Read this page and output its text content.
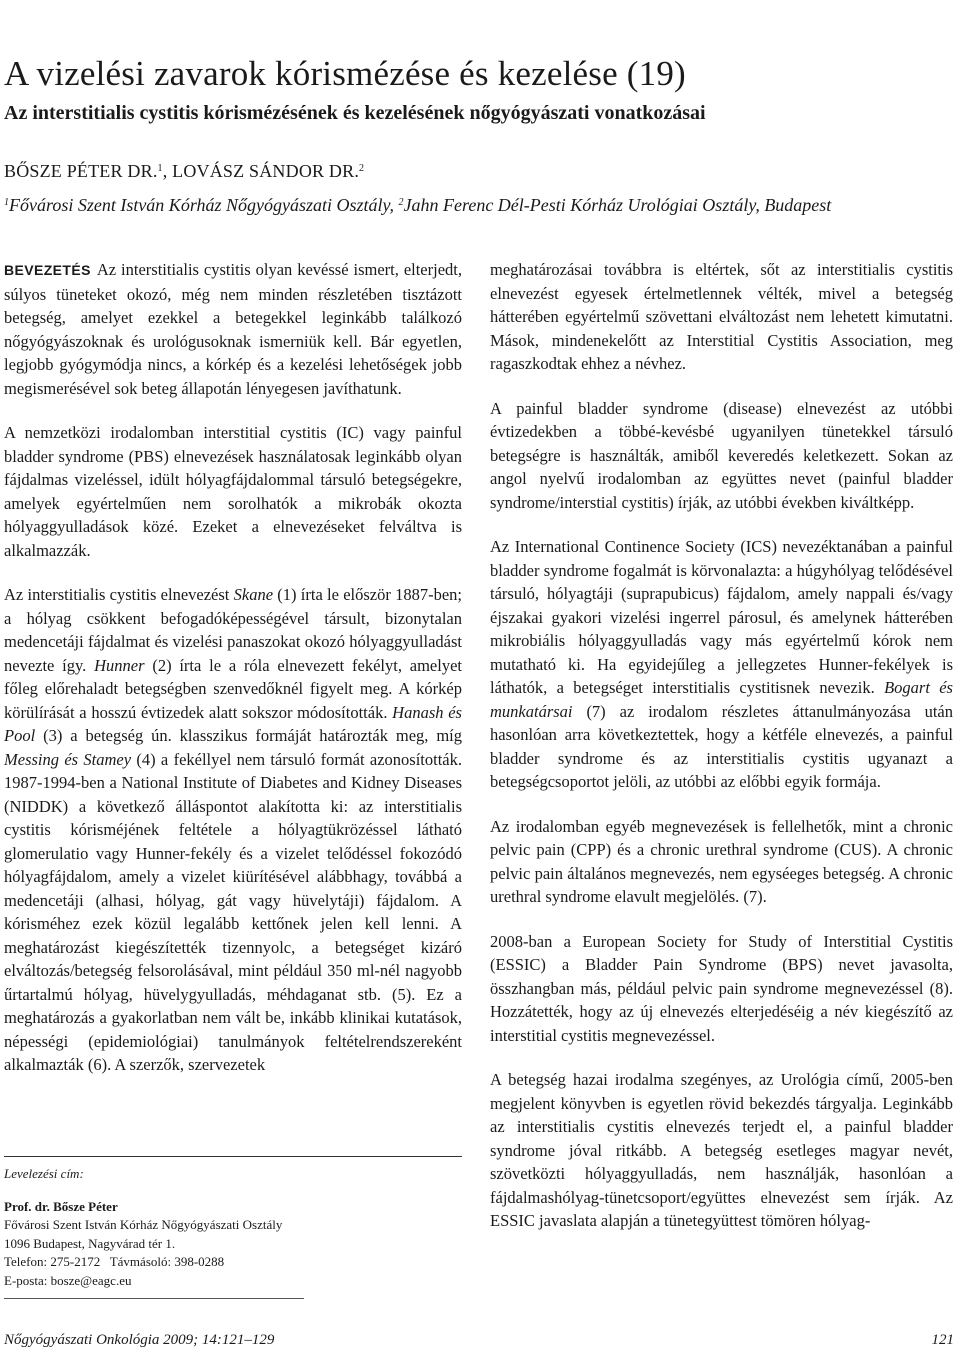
A vizelési zavarok kórismézése és kezelése (19)
Az interstitialis cystitis kórismézésének és kezelésének nőgyógyászati vonatkozásai
BŐSZE PÉTER DR.$^1$, LOVÁSZ SÁNDOR DR.$^2$
$^1$Fővárosi Szent István Kórház Nőgyógyászati Osztály, $^2$Jahn Ferenc Dél-Pesti Kórház Urológiai Osztály, Budapest

BEVEZETÉS Az interstitialis cystitis olyan kevéssé ismert, elterjedt, súlyos tüneteket okozó, még nem minden részletében tisztázott betegség, amelyet ezekkel a betegekkel leginkább találkozó nőgyógyászoknak és urológusoknak ismerniük kell. Bár egyetlen, legjobb gyógymódja nincs, a kórkép és a kezelési lehetőségek jobb megismerésével sok beteg állapotán lényegesen javíthatunk.

A nemzetközi irodalomban interstitial cystitis (IC) vagy painful bladder syndrome (PBS) elnevezések használatosak leginkább olyan fájdalmas vizeléssel, idült hólyagfájdalommal társuló betegségekre, amelyek egyértelműen nem sorolhatók a mikrobák okozta hólyaggyulladások közé. Ezeket a elnevezéseket felváltva is alkalmazzák.

Az interstitialis cystitis elnevezést Skane (1) írta le először 1887-ben; a hólyag csökkent befogadóképességével társult, bizonytalan medencetáji fájdalmat és vizelési panaszokat okozó hólyaggyulladást nevezte így. Hunner (2) írta le a róla elnevezett fekélyt, amelyet főleg előrehaladt betegségben szenvedőknél figyelt meg. A kórkép körülírását a hosszú évtizedek alatt sokszor módosították. Hanash és Pool (3) a betegség ún. klasszikus formáját határozták meg, míg Messing és Stamey (4) a fekéllyel nem társuló formát azonosították. 1987-1994-ben a National Institute of Diabetes and Kidney Diseases (NIDDK) a következő álláspontot alakította ki: az interstitialis cystitis kórisméjének feltétele a hólyagtükrözéssel látható glomerulatio vagy Hunner-fekély és a vizelet telődéssel fokozódó hólyagfájdalom, amely a vizelet kiürítésével alábbhagy, továbbá a medencetáji (alhasi, hólyag, gát vagy hüvelytáji) fájdalom. A kórisméhez ezek közül legalább kettőnek jelen kell lenni. A meghatározást kiegészítették tizennyolc, a betegséget kizáró elváltozás/betegség felsorolásával, mint például 350 ml-nél nagyobb űrtartalmú hólyag, hüvelygyulladás, méhdaganat stb. (5). Ez a meghatározás a gyakorlatban nem vált be, inkább klinikai kutatások, népességi (epidemiológiai) tanulmányok feltételrendszereként alkalmazták (6). A szerzők, szervezetek

meghatározásai továbbra is eltértek, sőt az interstitialis cystitis elnevezést egyesek értelmetlennek vélték, mivel a betegség hátterében egyértelmű szövettani elváltozást nem lehetett kimutatni. Mások, mindenekelőtt az Interstitial Cystitis Association, meg ragaszkodtak ehhez a névhez.

A painful bladder syndrome (disease) elnevezést az utóbbi évtizedekben a többé-kevésbé ugyanilyen tünetekkel társuló betegségre is használták, amiből keveredés keletkezett. Sokan az angol nyelvű irodalomban az együttes nevet (painful bladder syndrome/interstial cystitis) írják, az utóbbi években kiváltképp.

Az International Continence Society (ICS) nevezéktanában a painful bladder syndrome fogalmát is körvonalazta: a húgyhólyag telődésével társuló, hólyagtáji (suprapubicus) fájdalom, amely nappali és/vagy éjszakai gyakori vizelési ingerrel párosul, és amelynek hátterében mikrobiális hólyaggyulladás vagy más egyértelmű kórok nem mutatható ki. Ha egyidejűleg a jellegzetes Hunner-fekélyek is láthatók, a betegséget interstitialis cystitisnek nevezik. Bogart és munkatársai (7) az irodalom részletes áttanulmányozása után hasonlóan arra következtettek, hogy a kétféle elnevezés, a painful bladder syndrome és az interstitialis cystitis ugyanazt a betegségcsoportot jelöli, az utóbbi az előbbi egyik formája.

Az irodalomban egyéb megnevezések is fellelhetők, mint a chronic pelvic pain (CPP) és a chronic urethral syndrome (CUS). A chronic pelvic pain általános megnevezés, nem egyséeges betegség. A chronic urethral syndrome elavult megjelölés. (7).

2008-ban a European Society for Study of Interstitial Cystitis (ESSIC) a Bladder Pain Syndrome (BPS) nevet javasolta, összhangban más, például pelvic pain syndrome megnevezéssel (8). Hozzátették, hogy az új elnevezés elterjedéséig a név kiegészítő az interstitial cystitis megnevezéssel.

A betegség hazai irodalma szegényes, az Urológia című, 2005-ben megjelent könyvben is egyetlen rövid bekezdés tárgyalja. Leginkább az interstitialis cystitis elnevezés terjedt el, a painful bladder syndrome jóval ritkább. A betegség esetleges magyar nevét, szövetközti hólyaggyulladás, nem használják, hasonlóan a fájdalmashólyag-tünetcsoport/együttes elnevezést sem írják. Az ESSIC javaslata alapján a tünetegyüttest tömören hólyag-

Levelezési cím:
Prof. dr. Bősze Péter
Fővárosi Szent István Kórház Nőgyógyászati Osztály
1096 Budapest, Nagyvárad tér 1.
Telefon: 275-2172   Távmásoló: 398-0288
E-posta: bosze@eagc.eu
Nőgyógyászati Onkológia 2009; 14:121–129	121
